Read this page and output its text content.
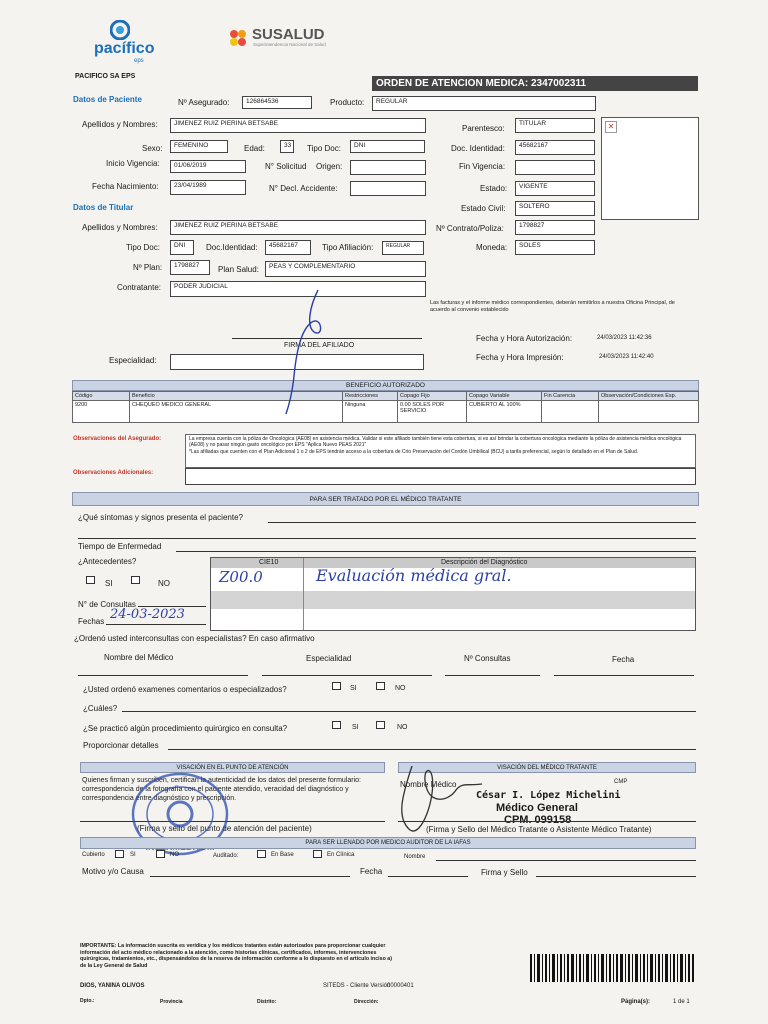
pacífico
eps
SUSALUD
Superintendencia Nacional de Salud
PACIFICO SA EPS
ORDEN DE ATENCION MEDICA: 2347002311
Datos de Paciente	Nº Asegurado:	126864536	Producto:	REGULAR
Apellidos y Nombres:	JIMENEZ RUIZ PIERINA BETSABE
Parentesco:
TITULAR	✕
Sexo:	FEMENINO	Edad:	33	Tipo Doc:	DNI	Doc. Identidad:	45682167
Inicio Vigencia:	01/06/2019	N° Solicitud Origen:	Fin Vigencia:
Fecha Nacimiento:	23/04/1989	N° Decl. Accidente:	Estado:	VIGENTE
Datos de Titular	Estado Civil:	SOLTERO
Apellidos y Nombres:	JIMENEZ RUIZ PIERINA BETSABE	Nº Contrato/Poliza:	1798827
Tipo Doc:	DNI	Doc.Identidad:	45682167	Tipo Afiliación:	REGULAR	Moneda:	SOLES
Nº Plan:	1798827	Plan Salud:	PEAS Y COMPLEMENTARIO
Contratante:	PODER JUDICIAL
Las facturas y el informe médico correspondientes, deberán remitirlos a nuestra Oficina Principal, de acuerdo al convenio establecido
FIRMA DEL AFILIADO
Fecha y Hora Autorización:	24/03/2023 11:42:36
Fecha y Hora Impresión:	24/03/2023 11:42:40
Especialidad:
BENEFICIO AUTORIZADO
Código	Beneficio	Restricciones	Copago Fijo	Copago Variable	Fin Carencia	Observación/Condiciones Esp.
9200	CHEQUEO MEDICO GENERAL	Ninguna	0.00 SOLES POR SERVICIO	CUBIERTO AL 100%		
Observaciones del Asegurado:	La empresa cuenta con la póliza de Oncológica (AE08) en asistencia médica. Validar si este afiliado también tiene esta cobertura, si es así brindar la cobertura oncológica mediante la póliza de asistencia médica oncológica (AE08) y no pasar ningún gasto oncológico por EPS "Aplica Nuevo PEAS 2021"
*Las afiliadas que cuenten con el Plan Adicional 1 o 2 de EPS tendrán acceso a la cobertura de Crio Preservación del Cordón Umbilical (BCU) a tarifa preferencial, según lo detallado en el Plan de Salud.
Observaciones Adicionales:
PARA SER TRATADO POR EL MÉDICO TRATANTE
¿Qué síntomas y signos presenta el paciente?
Tiempo de Enfermedad
¿Antecedentes?
SI	NO
CIE10	Descripción del Diagnóstico
Z00.0	Evaluación médica gral.
N° de Consultas
Fechas 24-03-2023
¿Ordenó usted interconsultas con especialistas? En caso afirmativo
Nombre del Médico	Especialidad	Nº Consultas	Fecha
¿Usted ordenó examenes comentarios o especializados?	SI	NO
¿Cuáles?
¿Se practicó algún procedimiento quirúrgico en consulta?	SI	NO
Proporcionar detalles
VISACIÓN EN EL PUNTO DE ATENCIÓN	VISACIÓN DEL MÉDICO TRATANTE
Quienes firman y suscriben, certifican la autenticidad de los datos del presente formulario: correspondencia de la fotografía con el paciente atendido, veracidad del diagnóstico y correspondencia entre diagnóstico y prescripción.
Nombre Médico	CMP
César I. López Michelini
Médico General
CPM. 099158
(Firma y sello del punto de atención del paciente)	(Firma y Sello del Médico Tratante o Asistente Médico Tratante)
PARA SER LLENADO POR MEDICO AUDITOR DE LA IAFAS
Cubierto	SI	NO	Auditado:	En Base	En Clínica	Nombre
Motivo y/o Causa	Fecha	Firma y Sello
IMPORTANTE: La información suscrita es verídica y los médicos tratantes están autorizados para proporcionar cualquier información del acto médico relacionado a la atención, como historias clínicas, certificados, informes, intervenciones quirúrgicas, tratamientos, etc., dispensándolos de la reserva de información conforme a lo dispuesto en el artículo inciso a) de la Ley General de Salud
DIOS, YANINA OLIVOS	SITEDS - Cliente Versión
00000401
Dpto.:	Provincia	Distrito:	Dirección:	Página(s):	1 de 1
